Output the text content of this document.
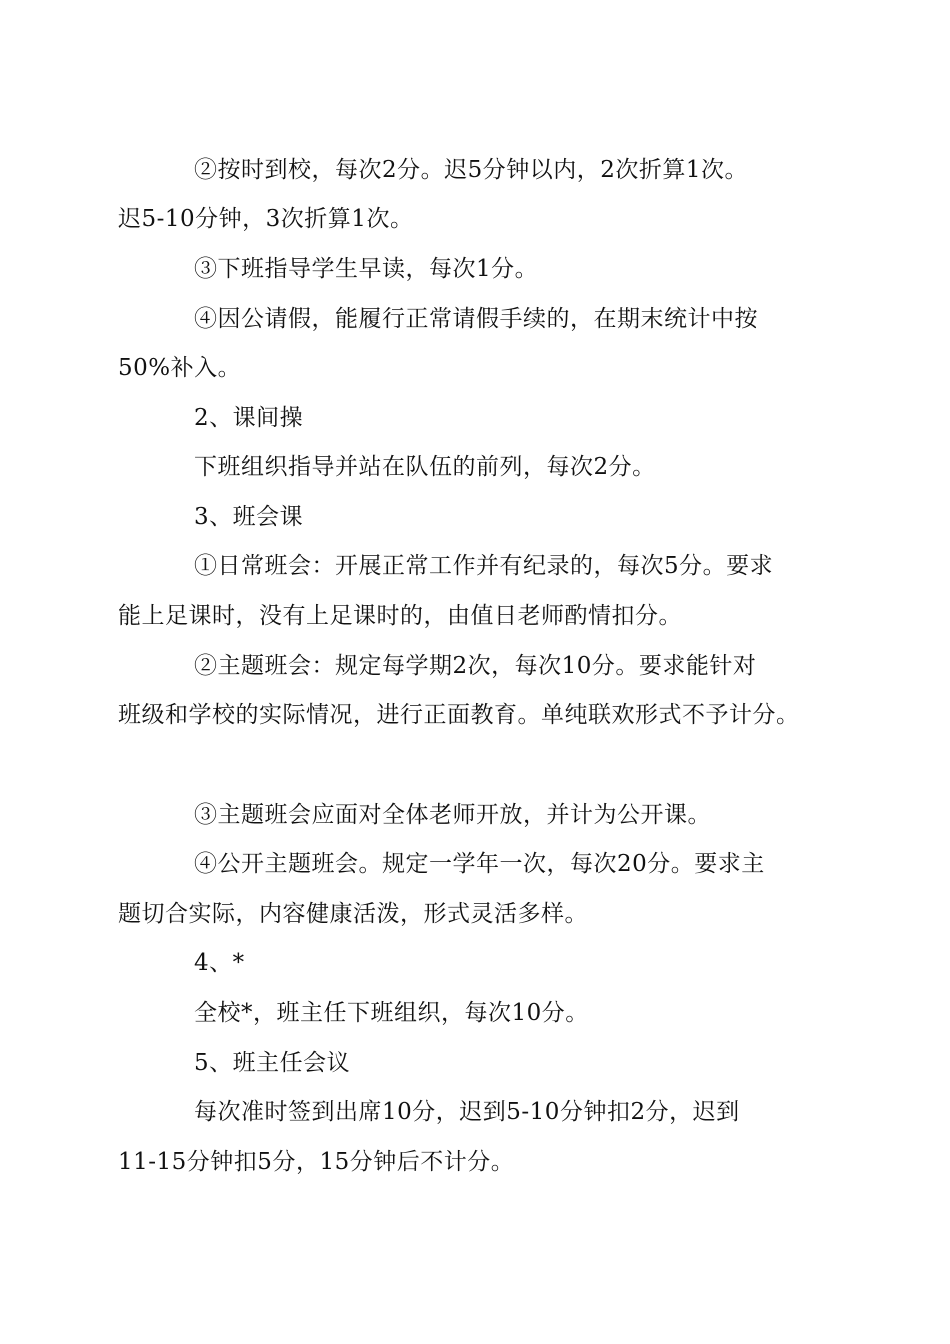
②按时到校，每次2分。迟5分钟以内，2次折算1次。
迟5-10分钟，3次折算1次。
③下班指导学生早读，每次1分。
④因公请假，能履行正常请假手续的，在期末统计中按
50%补入。
2、课间操
下班组织指导并站在队伍的前列，每次2分。
3、班会课
①日常班会：开展正常工作并有纪录的，每次5分。要求
能上足课时，没有上足课时的，由值日老师酌情扣分。
②主题班会：规定每学期2次，每次10分。要求能针对
班级和学校的实际情况，进行正面教育。单纯联欢形式不予计分。
③主题班会应面对全体老师开放，并计为公开课。
④公开主题班会。规定一学年一次，每次20分。要求主
题切合实际，内容健康活泼，形式灵活多样。
4、*
全校*，班主任下班组织，每次10分。
5、班主任会议
每次准时签到出席10分，迟到5-10分钟扣2分，迟到
11-15分钟扣5分，15分钟后不计分。
